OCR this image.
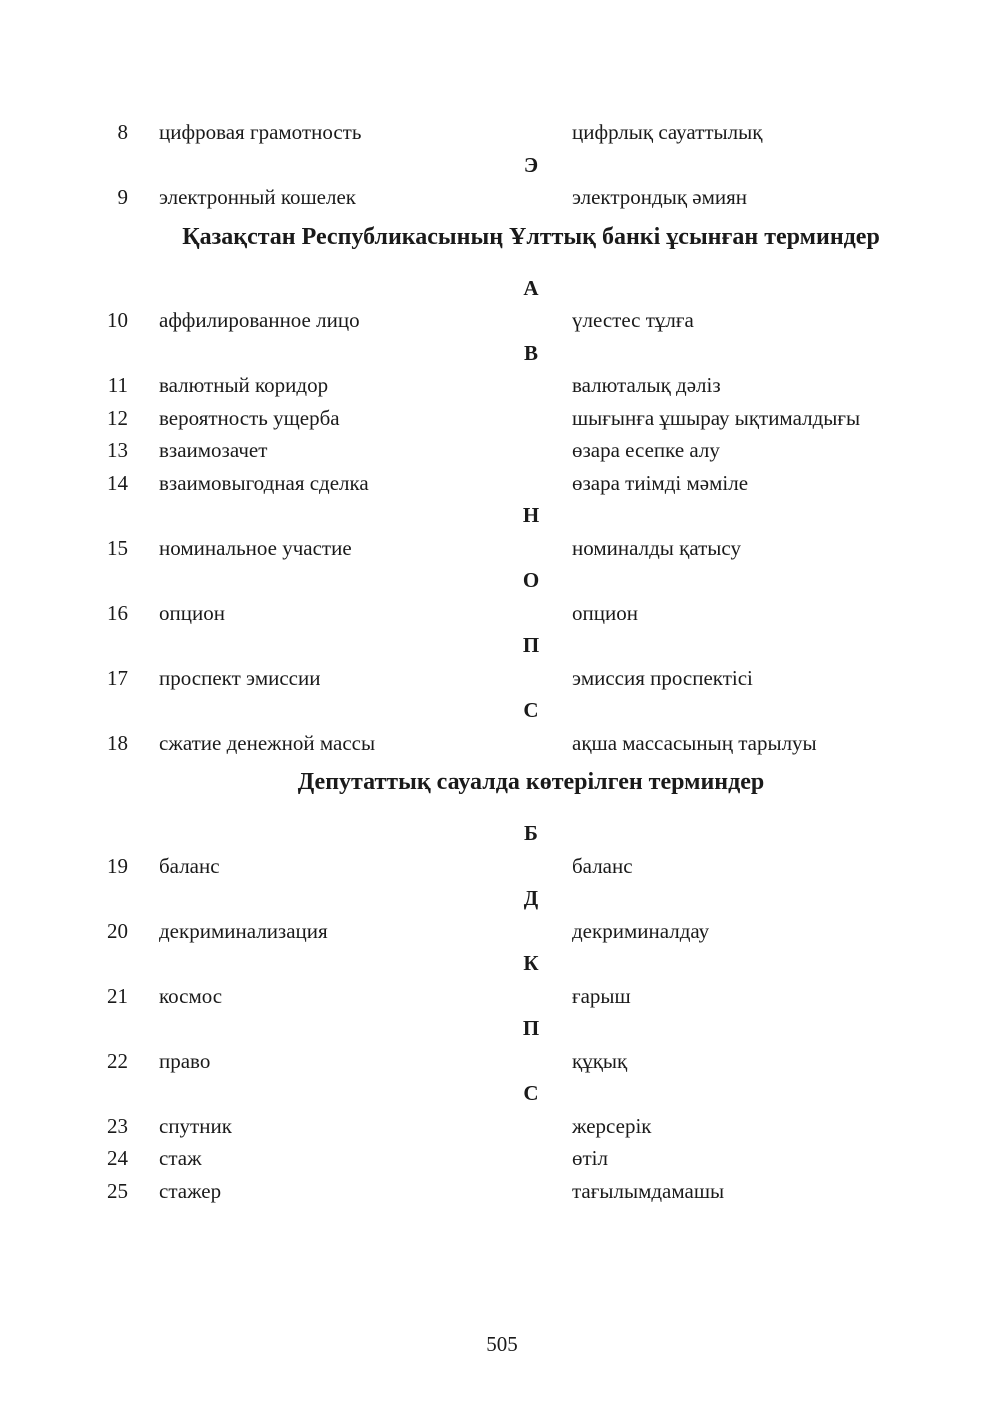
8 цифровая грамотность	цифрлық сауаттылық
Э
9 электронный кошелек	электрондық әмиян
Қазақстан Республикасының Ұлттық банкі ұсынған терминдер
А
10 аффилированное лицо	үлестес тұлға
В
11 валютный коридор	валюталық дәліз
12 вероятность ущерба	шығынға ұшырау ықтималдығы
13 взаимозачет	өзара есепке алу
14 взаимовыгодная сделка	өзара тиімді мәміле
Н
15 номинальное участие	номиналды қатысу
О
16 опцион	опцион
П
17 проспект эмиссии	эмиссия проспектісі
С
18 сжатие денежной массы	ақша массасының тарылуы
Депутаттық сауалда көтерілген терминдер
Б
19 баланс	баланс
Д
20 декриминализация	декриминалдау
К
21 космос	ғарыш
П
22 право	құқық
С
23 спутник	жерсерік
24 стаж	өтіл
25 стажер	тағылымдамашы
505
